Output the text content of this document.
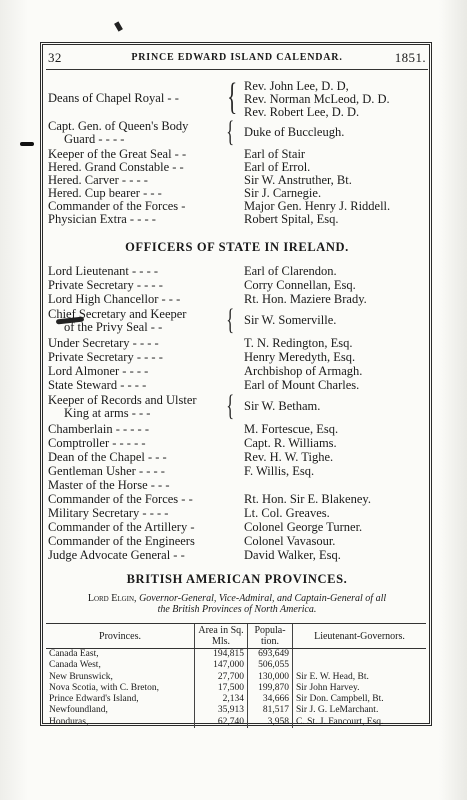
32	PRINCE EDWARD ISLAND CALENDAR.	1851.
Deans of Chapel Royal - - { Rev. John Lee, D. D,
Rev. Norman McLeod, D. D.
Rev. Robert Lee, D. D.
Capt. Gen. of Queen's Body
Guard - - - -	{ Duke of Buccleugh.
Keeper of the Great Seal - -	Earl of Stair
Hered. Grand Constable - -	Earl of Errol.
Hered. Carver - - - -	Sir W. Anstruther, Bt.
Hered. Cup bearer - - -	Sir J. Carnegie.
Commander of the Forces -	Major Gen. Henry J. Riddell.
Physician Extra - - - -	Robert Spital, Esq.
OFFICERS OF STATE IN IRELAND.
Lord Lieutenant - - - -	Earl of Clarendon.
Private Secretary - - - -	Corry Connellan, Esq.
Lord High Chancellor - - -	Rt. Hon. Maziere Brady.
Chief Secretary and Keeper
of the Privy Seal - - { Sir W. Somerville.
Under Secretary - - - -	T. N. Redington, Esq.
Private Secretary - - - -	Henry Meredyth, Esq.
Lord Almoner - - - -	Archbishop of Armagh.
State Steward - - - -	Earl of Mount Charles.
Keeper of Records and Ulster
King at arms - - -	{ Sir W. Betham.
Chamberlain - - - - -	M. Fortescue, Esq.
Comptroller - - - - -	Capt. R. Williams.
Dean of the Chapel - - -	Rev. H. W. Tighe.
Gentleman Usher - - - -	F. Willis, Esq.
Master of the Horse - - -
Commander of the Forces - -	Rt. Hon. Sir E. Blakeney.
Military Secretary - - - -	Lt. Col. Greaves.
Commander of the Artillery -	Colonel George Turner.
Commander of the Engineers	Colonel Vavasour.
Judge Advocate General - -	David Walker, Esq.
BRITISH AMERICAN PROVINCES.
Lord Elgin, Governor-General, Vice-Admiral, and Captain-General of all
the British Provinces of North America.
Provinces.	Area in Sq. Mls.	Popula- tion.	Lieutenant-Governors.
Canada East,	194,815	693,649	
Canada West,	147,000	506,055	
New Brunswick,	27,700	130,000	Sir E. W. Head, Bt.
Nova Scotia, with C. Breton,	17,500	199,870	Sir John Harvey.
Prince Edward's Island,	2,134	34,666	Sir Don. Campbell, Bt.
Newfoundland,	35,913	81,517	Sir J. G. LeMarchant.
Honduras,	62,740	3,958	C. St. J. Fancourt, Esq.
